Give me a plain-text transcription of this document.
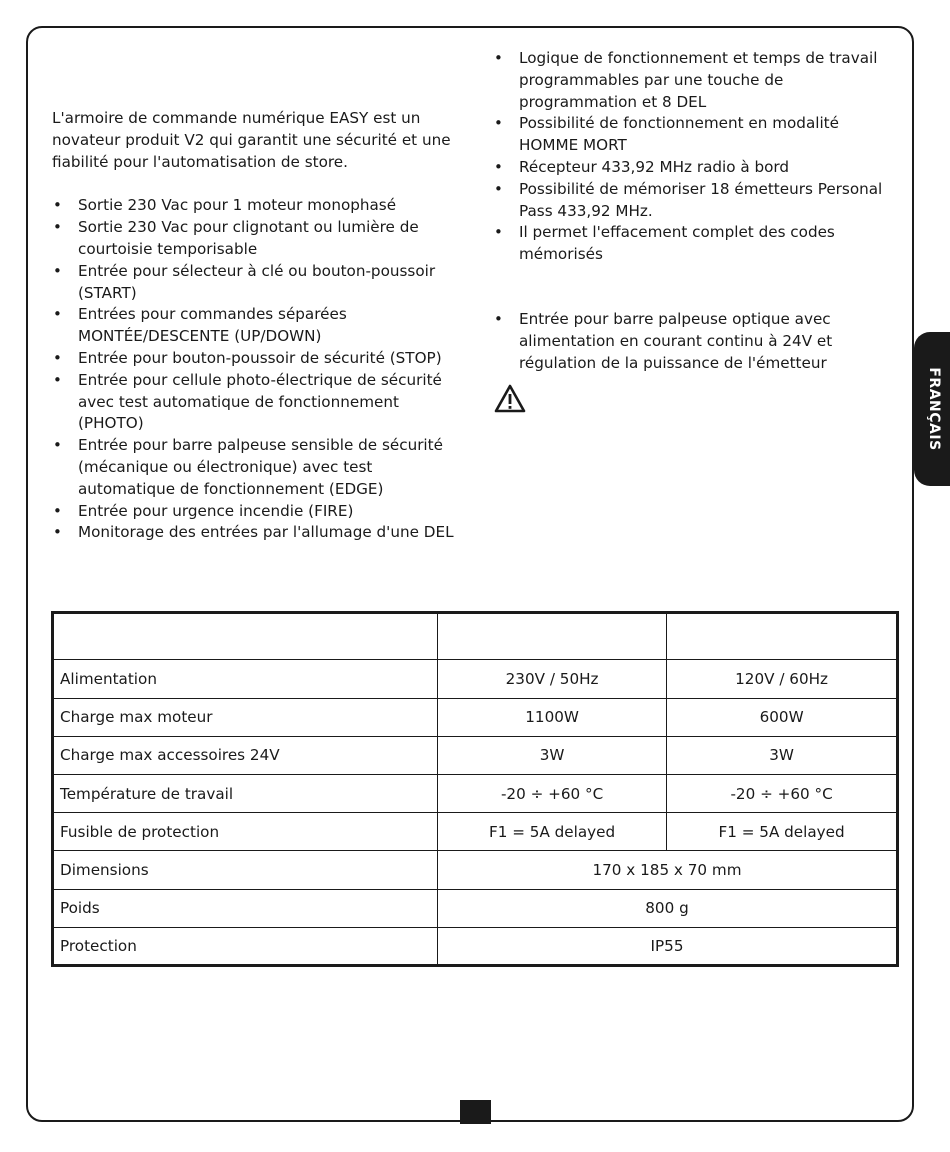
L'armoire de commande numérique EASY est un novateur produit V2 qui garantit une sécurité et une fiabilité pour l'automatisation de store.

• Sortie 230 Vac pour 1 moteur monophasé
• Sortie 230 Vac pour clignotant ou lumière de courtoisie temporisable
• Entrée pour sélecteur à clé ou bouton-poussoir (START)
• Entrées pour commandes séparées MONTÉE/DESCENTE (UP/DOWN)
• Entrée pour bouton-poussoir de sécurité (STOP)
• Entrée pour cellule photo-électrique de sécurité avec test automatique de fonctionnement (PHOTO)
• Entrée pour barre palpeuse sensible de sécurité (mécanique ou électronique) avec test automatique de fonctionnement (EDGE)
• Entrée pour urgence incendie (FIRE)
• Monitorage des entrées par l'allumage d'une DEL
• Logique de fonctionnement et temps de travail programmables par une touche de programmation et 8 DEL
• Possibilité de fonctionnement en modalité HOMME MORT
• Récepteur 433,92 MHz radio à bord
• Possibilité de mémoriser 18 émetteurs Personal Pass 433,92 MHz.
• Il permet l'effacement complet des codes mémorisés
• Entrée pour barre palpeuse optique avec alimentation en courant continu à 24V et régulation de la puissance de l'émetteur
FRANÇAIS

Alimentation	230V / 50Hz	120V / 60Hz
Charge max moteur	1100W	600W
Charge max accessoires 24V	3W	3W
Température de travail	-20 ÷ +60 °C	-20 ÷ +60 °C
Fusible de protection	F1 = 5A delayed	F1 = 5A delayed
Dimensions	170 x 185 x 70 mm	
Poids	800 g	
Protection	IP55	
